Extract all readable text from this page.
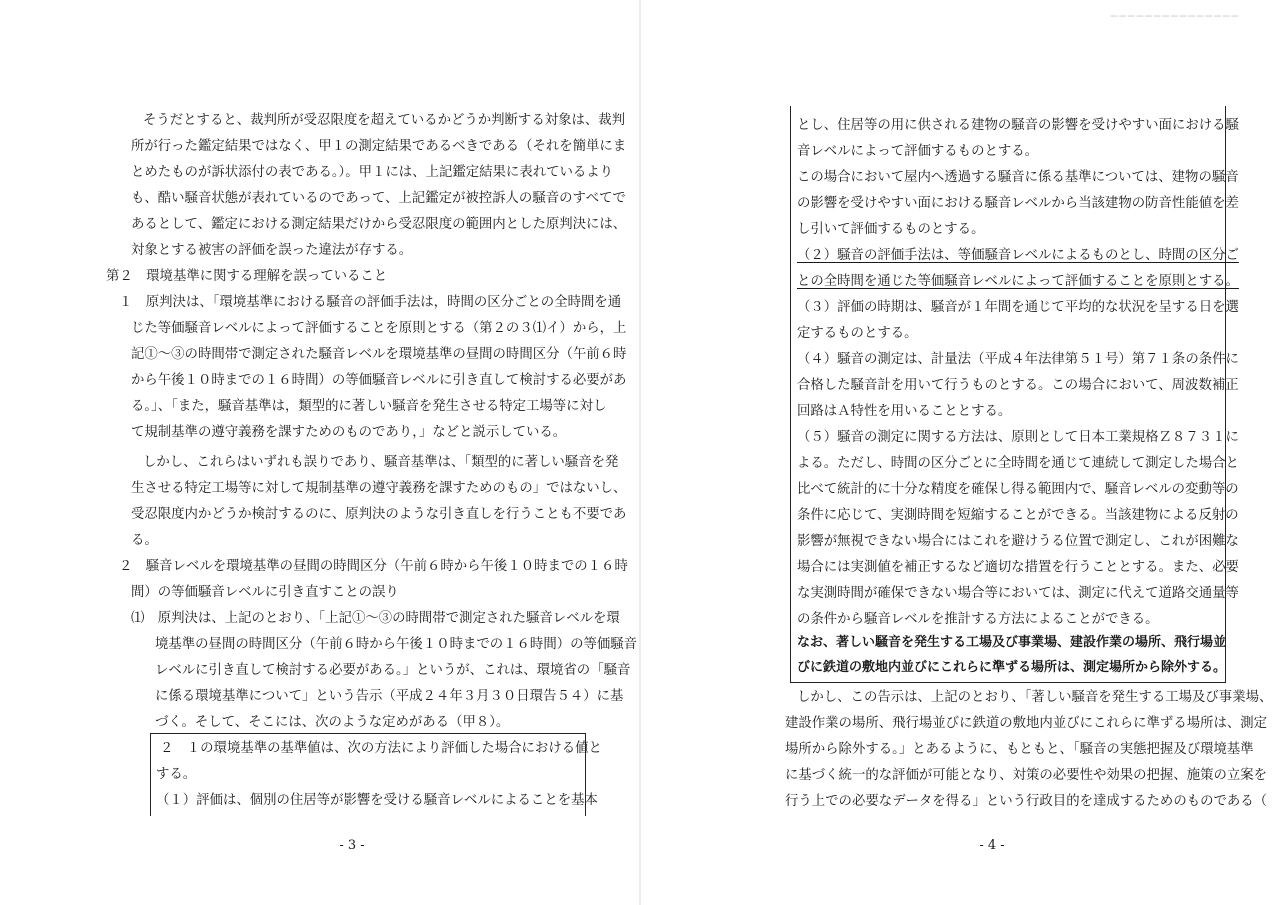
そうだとすると、裁判所が受忍限度を超えているかどうか判断する対象は、裁判

所が行った鑑定結果ではなく、甲１の測定結果であるべきである（それを簡単にま

とめたものが訴状添付の表である。）。甲１には、上記鑑定結果に表れているより

も、酷い騒音状態が表れているのであって、上記鑑定が被控訴人の騒音のすべてで

あるとして、鑑定における測定結果だけから受忍限度の範囲内とした原判決には、

対象とする被害の評価を誤った違法が存する。

第２　環境基準に関する理解を誤っていること

１　原判決は、「環境基準における騒音の評価手法は，時間の区分ごとの全時間を通

じた等価騒音レベルによって評価することを原則とする（第２の３⑴イ）から，上

記①～③の時間帯で測定された騒音レベルを環境基準の昼間の時間区分（午前６時

から午後１０時までの１６時間）の等価騒音レベルに引き直して検討する必要があ

る。」、「また，騒音基準は，類型的に著しい騒音を発生させる特定工場等に対し

て規制基準の遵守義務を課すためのものであり，」などと説示している。

しかし、これらはいずれも誤りであり、騒音基準は、「類型的に著しい騒音を発

生させる特定工場等に対して規制基準の遵守義務を課すためのもの」ではないし、

受忍限度内かどうか検討するのに、原判決のような引き直しを行うことも不要であ

る。

２　騒音レベルを環境基準の昼間の時間区分（午前６時から午後１０時までの１６時

間）の等価騒音レベルに引き直すことの誤り

⑴　原判決は、上記のとおり、「上記①～③の時間帯で測定された騒音レベルを環

境基準の昼間の時間区分（午前６時から午後１０時までの１６時間）の等価騒音

レベルに引き直して検討する必要がある。」というが、これは、環境省の「騒音

に係る環境基準について」という告示（平成２４年３月３０日環告５４）に基

づく。そして、そこには、次のような定めがある（甲８）。

２　１の環境基準の基準値は、次の方法により評価した場合における値と

する。

（１）評価は、個別の住居等が影響を受ける騒音レベルによることを基本

- 3 -
━━━━━━━━━━━━━━━

とし、住居等の用に供される建物の騒音の影響を受けやすい面における騒

音レベルによって評価するものとする。

この場合において屋内へ透過する騒音に係る基準については、建物の騒音

の影響を受けやすい面における騒音レベルから当該建物の防音性能値を差

し引いて評価するものとする。

（２）騒音の評価手法は、等価騒音レベルによるものとし、時間の区分ご

との全時間を通じた等価騒音レベルによって評価することを原則とする。

（３）評価の時期は、騒音が１年間を通じて平均的な状況を呈する日を選

定するものとする。

（４）騒音の測定は、計量法（平成４年法律第５１号）第７１条の条件に

合格した騒音計を用いて行うものとする。この場合において、周波数補正

回路はＡ特性を用いることとする。

（５）騒音の測定に関する方法は、原則として日本工業規格Ｚ８７３１に

よる。ただし、時間の区分ごとに全時間を通じて連続して測定した場合と

比べて統計的に十分な精度を確保し得る範囲内で、騒音レベルの変動等の

条件に応じて、実測時間を短縮することができる。当該建物による反射の

影響が無視できない場合にはこれを避けうる位置で測定し、これが困難な

場合には実測値を補正するなど適切な措置を行うこととする。また、必要

な実測時間が確保できない場合等においては、測定に代えて道路交通量等

の条件から騒音レベルを推計する方法によることができる。

なお、著しい騒音を発生する工場及び事業場、建設作業の場所、飛行場並

びに鉄道の敷地内並びにこれらに準ずる場所は、測定場所から除外する。

しかし、この告示は、上記のとおり、「著しい騒音を発生する工場及び事業場、

建設作業の場所、飛行場並びに鉄道の敷地内並びにこれらに準ずる場所は、測定

場所から除外する。」とあるように、もともと、「騒音の実態把握及び環境基準

に基づく統一的な評価が可能となり、対策の必要性や効果の把握、施策の立案を

行う上での必要なデータを得る」という行政目的を達成するためのものである（

- 4 -
